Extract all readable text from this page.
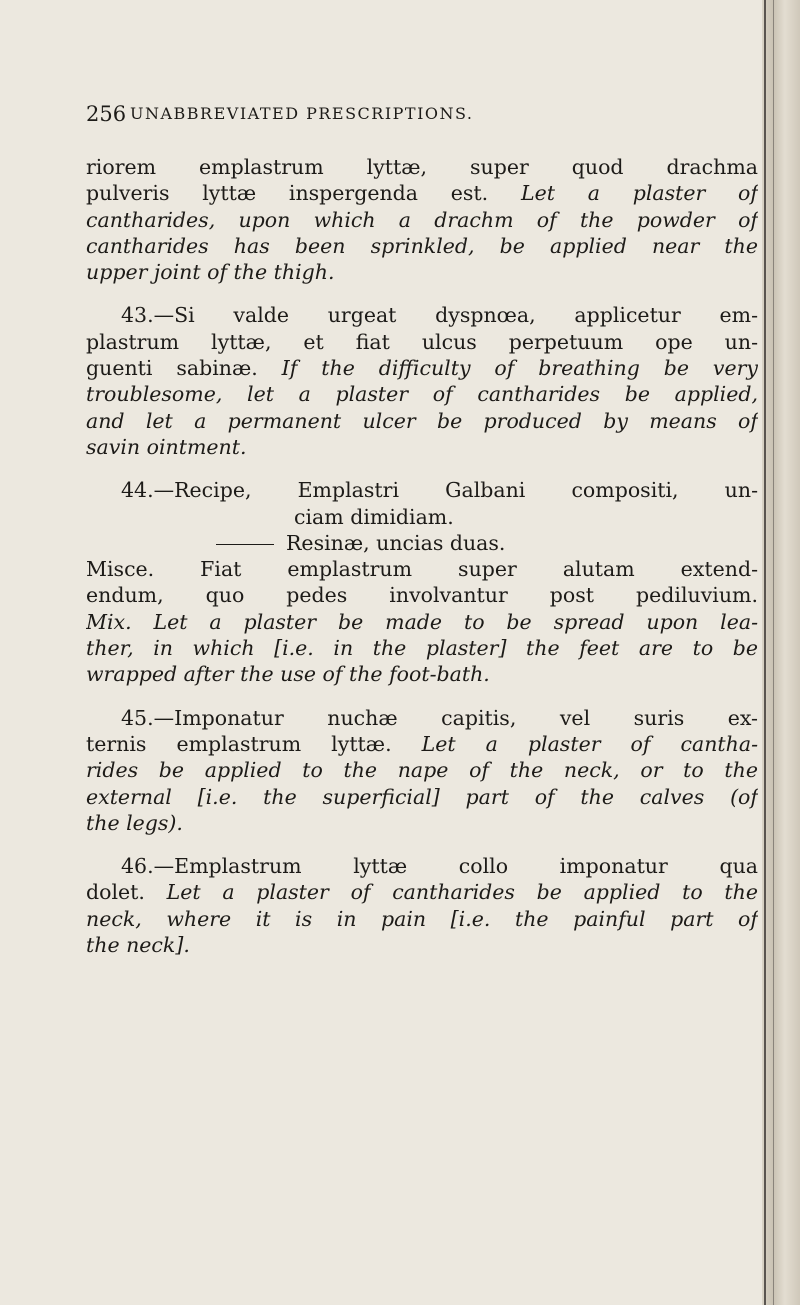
256 UNABBREVIATED PRESCRIPTIONS.
riorem emplastrum lyttæ, super quod drachma
pulveris lyttæ inspergenda est. Let a plaster of
cantharides, upon which a drachm of the powder of
cantharides has been sprinkled, be applied near the
upper joint of the thigh.
43.—Si valde urgeat dyspnœa, applicetur em-
plastrum lyttæ, et fiat ulcus perpetuum ope un-
guenti sabinæ. If the difficulty of breathing be very
troublesome, let a plaster of cantharides be applied,
and let a permanent ulcer be produced by means of
savin ointment.
44.—Recipe, Emplastri Galbani compositi, un-
ciam dimidiam.
Resinæ, uncias duas.
Misce. Fiat emplastrum super alutam extend-
endum, quo pedes involvantur post pediluvium.
Mix. Let a plaster be made to be spread upon lea-
ther, in which [i.e. in the plaster] the feet are to be
wrapped after the use of the foot-bath.
45.—Imponatur nuchæ capitis, vel suris ex-
ternis emplastrum lyttæ. Let a plaster of cantha-
rides be applied to the nape of the neck, or to the
external [i.e. the superficial] part of the calves (of
the legs).
46.—Emplastrum lyttæ collo imponatur qua
dolet. Let a plaster of cantharides be applied to the
neck, where it is in pain [i.e. the painful part of
the neck].
